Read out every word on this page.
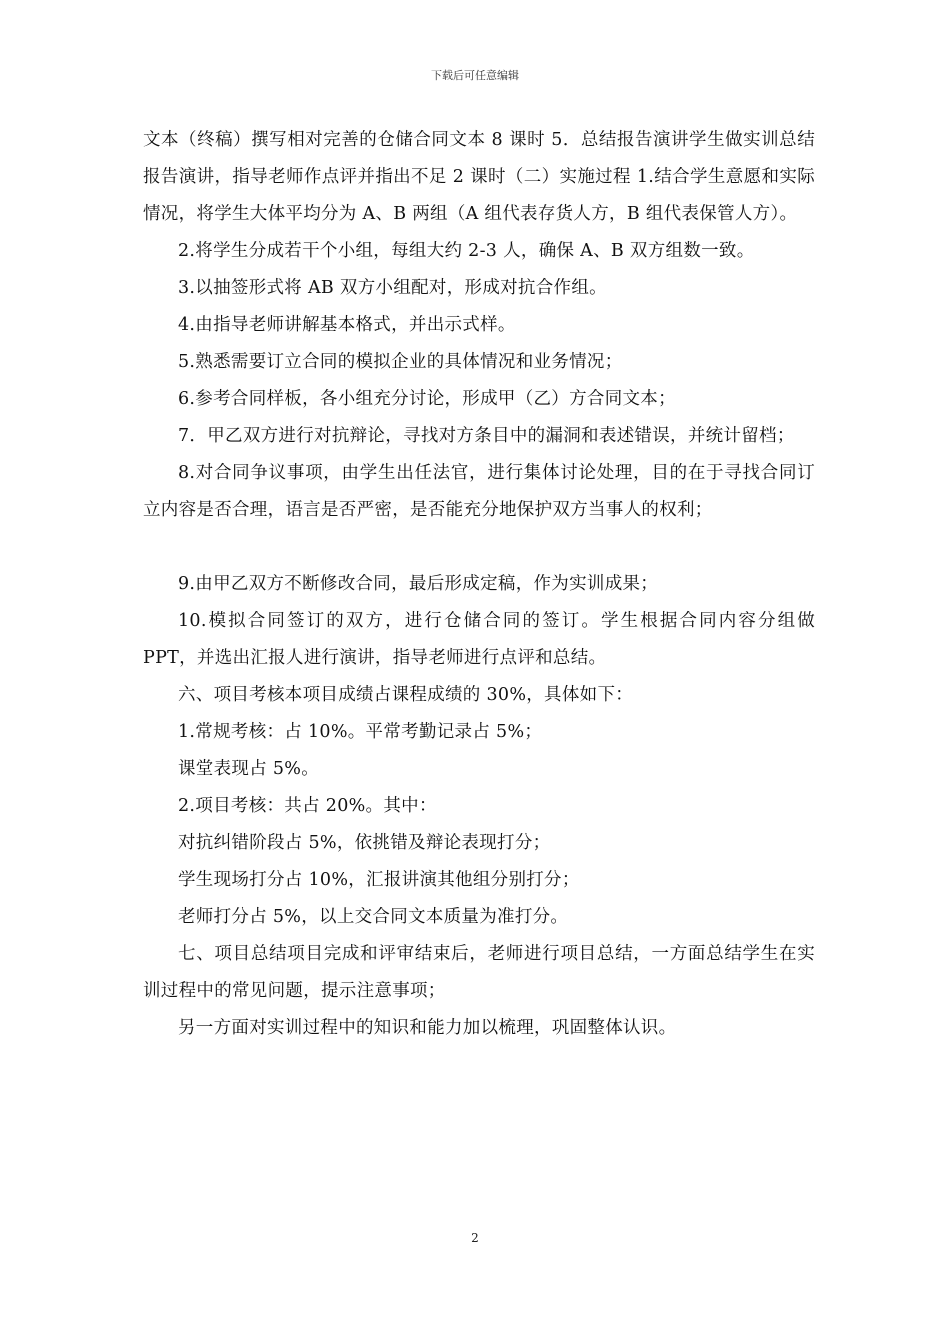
下载后可任意编辑

文本（终稿）撰写相对完善的仓储合同文本 8 课时 5．总结报告演讲学生做实训总结报告演讲，指导老师作点评并指出不足 2 课时（二）实施过程 1.结合学生意愿和实际情况，将学生大体平均分为 A、B 两组（A 组代表存货人方，B 组代表保管人方）。

2.将学生分成若干个小组，每组大约 2-3 人，确保 A、B 双方组数一致。

3.以抽签形式将 AB 双方小组配对，形成对抗合作组。

4.由指导老师讲解基本格式，并出示式样。

5.熟悉需要订立合同的模拟企业的具体情况和业务情况；

6.参考合同样板，各小组充分讨论，形成甲（乙）方合同文本；

7．甲乙双方进行对抗辩论，寻找对方条目中的漏洞和表述错误，并统计留档；

8.对合同争议事项，由学生出任法官，进行集体讨论处理，目的在于寻找合同订立内容是否合理，语言是否严密，是否能充分地保护双方当事人的权利；

9.由甲乙双方不断修改合同，最后形成定稿，作为实训成果；

10.模拟合同签订的双方，进行仓储合同的签订。学生根据合同内容分组做 PPT，并选出汇报人进行演讲，指导老师进行点评和总结。

六、项目考核本项目成绩占课程成绩的 30%，具体如下：

1.常规考核：占 10%。平常考勤记录占 5%；

课堂表现占 5%。

2.项目考核：共占 20%。其中：

对抗纠错阶段占 5%，依挑错及辩论表现打分；

学生现场打分占 10%，汇报讲演其他组分别打分；

老师打分占 5%，以上交合同文本质量为准打分。

七、项目总结项目完成和评审结束后，老师进行项目总结，一方面总结学生在实训过程中的常见问题，提示注意事项；

另一方面对实训过程中的知识和能力加以梳理，巩固整体认识。

2
